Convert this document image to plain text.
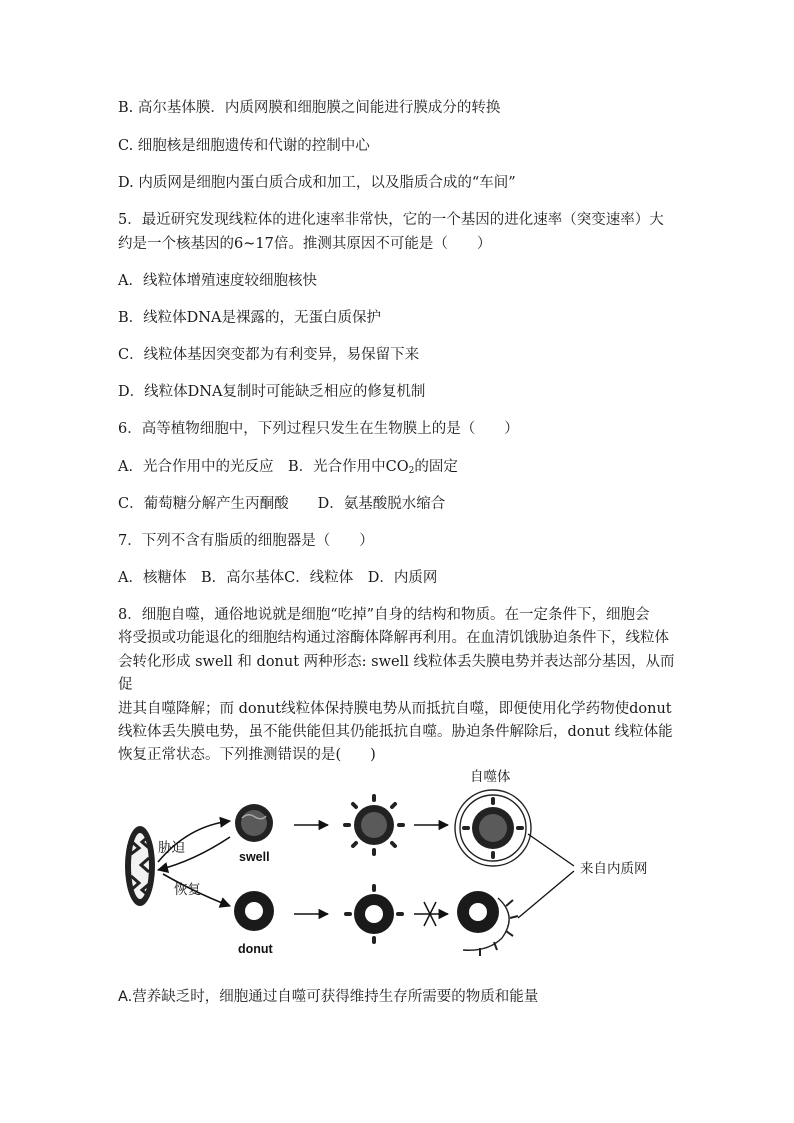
B. 高尔基体膜．内质网膜和细胞膜之间能进行膜成分的转换
C. 细胞核是细胞遗传和代谢的控制中心
D. 内质网是细胞内蛋白质合成和加工，以及脂质合成的“车间”
5．最近研究发现线粒体的进化速率非常快，它的一个基因的进化速率（突变速率）大
约是一个核基因的6~17倍。推测其原因不可能是（　　）
A．线粒体增殖速度较细胞核快
B．线粒体DNA是裸露的，无蛋白质保护
C．线粒体基因突变都为有利变异，易保留下来
D．线粒体DNA复制时可能缺乏相应的修复机制
6．高等植物细胞中，下列过程只发生在生物膜上的是（　　）
A．光合作用中的光反应　B．光合作用中$CO_2$的固定
C．葡萄糖分解产生丙酮酸　　D．氨基酸脱水缩合
7．下列不含有脂质的细胞器是（　　）
A．核糖体　B．高尔基体C．线粒体　D．内质网
8．细胞自噬，通俗地说就是细胞“吃掉”自身的结构和物质。在一定条件下，细胞会
将受损或功能退化的细胞结构通过溶酶体降解再利用。在血清饥饿胁迫条件下，线粒体
会转化形成 swell 和 donut 两种形态: swell 线粒体丢失膜电势并表达部分基因，从而促
进其自噬降解；而 donut线粒体保持膜电势从而抵抗自噬，即便使用化学药物使donut
线粒体丢失膜电势，虽不能供能但其仍能抵抗自噬。胁迫条件解除后，donut 线粒体能
恢复正常状态。下列推测错误的是(　　)
胁迫
恢复
swell
自噬体
来自内质网
donut
A.营养缺乏时，细胞通过自噬可获得维持生存所需要的物质和能量
